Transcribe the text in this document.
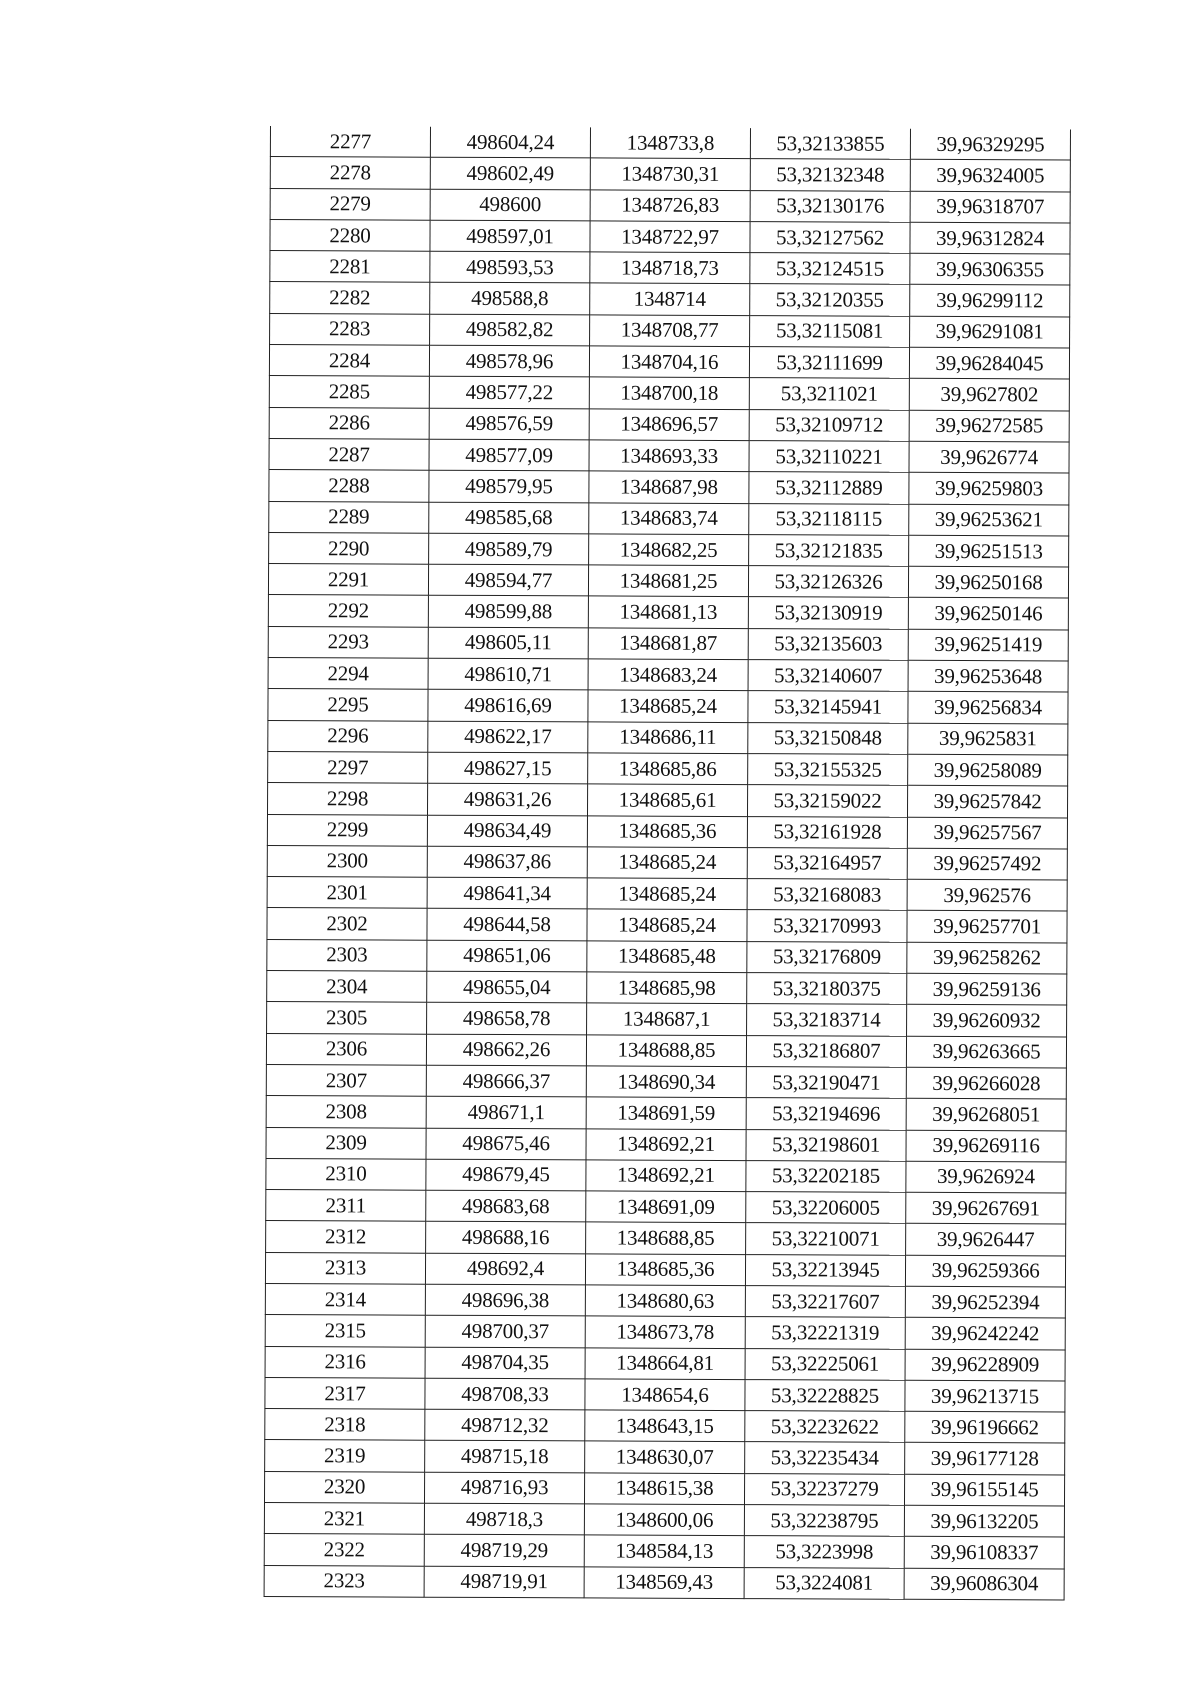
2277	498604,24	1348733,8	53,32133855	39,96329295
2278	498602,49	1348730,31	53,32132348	39,96324005
2279	498600	1348726,83	53,32130176	39,96318707
2280	498597,01	1348722,97	53,32127562	39,96312824
2281	498593,53	1348718,73	53,32124515	39,96306355
2282	498588,8	1348714	53,32120355	39,96299112
2283	498582,82	1348708,77	53,32115081	39,96291081
2284	498578,96	1348704,16	53,32111699	39,96284045
2285	498577,22	1348700,18	53,3211021	39,9627802
2286	498576,59	1348696,57	53,32109712	39,96272585
2287	498577,09	1348693,33	53,32110221	39,9626774
2288	498579,95	1348687,98	53,32112889	39,96259803
2289	498585,68	1348683,74	53,32118115	39,96253621
2290	498589,79	1348682,25	53,32121835	39,96251513
2291	498594,77	1348681,25	53,32126326	39,96250168
2292	498599,88	1348681,13	53,32130919	39,96250146
2293	498605,11	1348681,87	53,32135603	39,96251419
2294	498610,71	1348683,24	53,32140607	39,96253648
2295	498616,69	1348685,24	53,32145941	39,96256834
2296	498622,17	1348686,11	53,32150848	39,9625831
2297	498627,15	1348685,86	53,32155325	39,96258089
2298	498631,26	1348685,61	53,32159022	39,96257842
2299	498634,49	1348685,36	53,32161928	39,96257567
2300	498637,86	1348685,24	53,32164957	39,96257492
2301	498641,34	1348685,24	53,32168083	39,962576
2302	498644,58	1348685,24	53,32170993	39,96257701
2303	498651,06	1348685,48	53,32176809	39,96258262
2304	498655,04	1348685,98	53,32180375	39,96259136
2305	498658,78	1348687,1	53,32183714	39,96260932
2306	498662,26	1348688,85	53,32186807	39,96263665
2307	498666,37	1348690,34	53,32190471	39,96266028
2308	498671,1	1348691,59	53,32194696	39,96268051
2309	498675,46	1348692,21	53,32198601	39,96269116
2310	498679,45	1348692,21	53,32202185	39,9626924
2311	498683,68	1348691,09	53,32206005	39,96267691
2312	498688,16	1348688,85	53,32210071	39,9626447
2313	498692,4	1348685,36	53,32213945	39,96259366
2314	498696,38	1348680,63	53,32217607	39,96252394
2315	498700,37	1348673,78	53,32221319	39,96242242
2316	498704,35	1348664,81	53,32225061	39,96228909
2317	498708,33	1348654,6	53,32228825	39,96213715
2318	498712,32	1348643,15	53,32232622	39,96196662
2319	498715,18	1348630,07	53,32235434	39,96177128
2320	498716,93	1348615,38	53,32237279	39,96155145
2321	498718,3	1348600,06	53,32238795	39,96132205
2322	498719,29	1348584,13	53,3223998	39,96108337
2323	498719,91	1348569,43	53,3224081	39,96086304
